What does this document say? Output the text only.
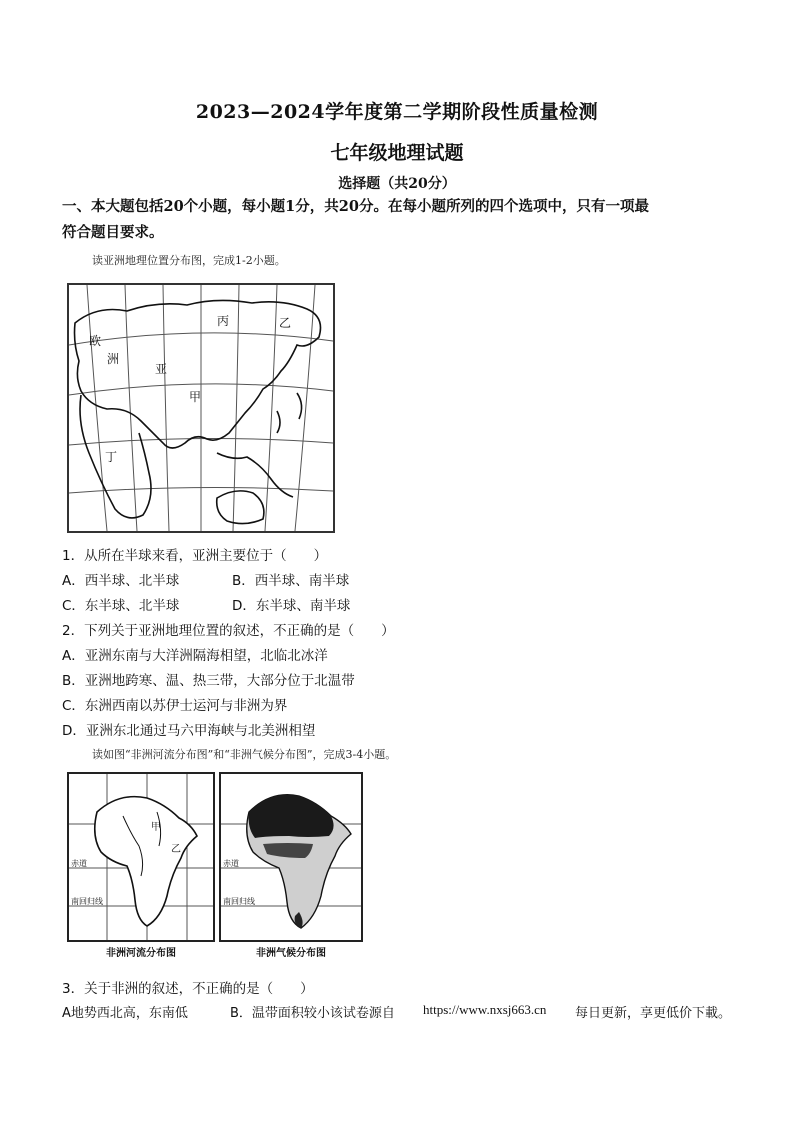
2023—2024学年度第二学期阶段性质量检测
七年级地理试题
选择题（共20分）
一、本大题包括20个小题，每小题1分，共20分。在每小题所列的四个选项中，只有一项最
符合题目要求。
读亚洲地理位置分布图，完成1-2小题。
欧
洲
亚
甲
乙
丙
丁
1．从所在半球来看，亚洲主要位于（　　）
A．西半球、北半球	B．西半球、南半球
C．东半球、北半球	D．东半球、南半球
2．下列关于亚洲地理位置的叙述，不正确的是（　　）
A．亚洲东南与大洋洲隔海相望，北临北冰洋
B．亚洲地跨寒、温、热三带，大部分位于北温带
C．东洲西南以苏伊士运河与非洲为界
D．亚洲东北通过马六甲海峡与北美洲相望
读如图“非洲河流分布图”和“非洲气候分布图”，完成3-4小题。
甲
乙
赤道
南回归线
非洲河流分布图
赤道
南回归线
非洲气候分布图
3．关于非洲的叙述，不正确的是（　　）
A地势西北高，东南低	B．温带面积较小该试卷源自 https://www.nxsj663.cn 每日更新，享更低价下載。
